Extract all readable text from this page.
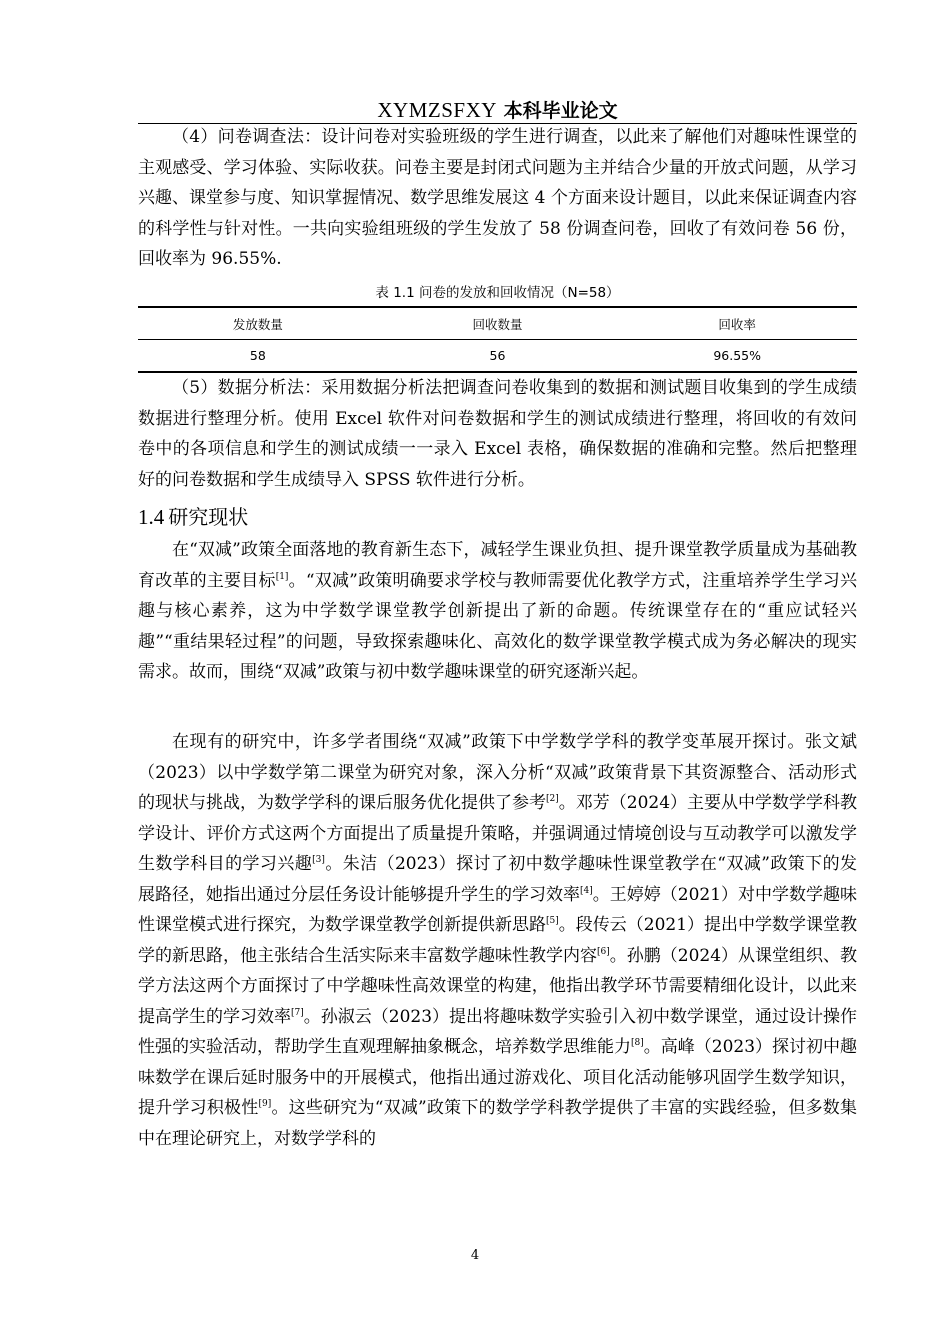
XYMZSFXY 本科毕业论文

（4）问卷调查法：设计问卷对实验班级的学生进行调查，以此来了解他们对趣味性课堂的主观感受、学习体验、实际收获。问卷主要是封闭式问题为主并结合少量的开放式问题，从学习兴趣、课堂参与度、知识掌握情况、数学思维发展这 4 个方面来设计题目，以此来保证调查内容的科学性与针对性。一共向实验组班级的学生发放了 58 份调查问卷，回收了有效问卷 56 份，回收率为 96.55%.

表 1.1 问卷的发放和回收情况（N=58）
发放数量	回收数量	回收率
58	56	96.55%

（5）数据分析法：采用数据分析法把调查问卷收集到的数据和测试题目收集到的学生成绩数据进行整理分析。使用 Excel 软件对问卷数据和学生的测试成绩进行整理，将回收的有效问卷中的各项信息和学生的测试成绩一一录入 Excel 表格，确保数据的准确和完整。然后把整理好的问卷数据和学生成绩导入 SPSS 软件进行分析。

1.4 研究现状

在“双减”政策全面落地的教育新生态下，减轻学生课业负担、提升课堂教学质量成为基础教育改革的主要目标[1]。“双减”政策明确要求学校与教师需要优化教学方式，注重培养学生学习兴趣与核心素养，这为中学数学课堂教学创新提出了新的命题。传统课堂存在的“重应试轻兴趣”“重结果轻过程”的问题，导致探索趣味化、高效化的数学课堂教学模式成为务必解决的现实需求。故而，围绕“双减”政策与初中数学趣味课堂的研究逐渐兴起。

在现有的研究中，许多学者围绕“双减”政策下中学数学学科的教学变革展开探讨。张文斌（2023）以中学数学第二课堂为研究对象，深入分析“双减”政策背景下其资源整合、活动形式的现状与挑战，为数学学科的课后服务优化提供了参考[2]。邓芳（2024）主要从中学数学学科教学设计、评价方式这两个方面提出了质量提升策略，并强调通过情境创设与互动教学可以激发学生数学科目的学习兴趣[3]。朱洁（2023）探讨了初中数学趣味性课堂教学在“双减”政策下的发展路径，她指出通过分层任务设计能够提升学生的学习效率[4]。王婷婷（2021）对中学数学趣味性课堂模式进行探究，为数学课堂教学创新提供新思路[5]。段传云（2021）提出中学数学课堂教学的新思路，他主张结合生活实际来丰富数学趣味性教学内容[6]。孙鹏（2024）从课堂组织、教学方法这两个方面探讨了中学趣味性高效课堂的构建，他指出教学环节需要精细化设计，以此来提高学生的学习效率[7]。孙淑云（2023）提出将趣味数学实验引入初中数学课堂，通过设计操作性强的实验活动，帮助学生直观理解抽象概念，培养数学思维能力[8]。高峰（2023）探讨初中趣味数学在课后延时服务中的开展模式，他指出通过游戏化、项目化活动能够巩固学生数学知识，提升学习积极性[9]。这些研究为“双减”政策下的数学学科教学提供了丰富的实践经验，但多数集中在理论研究上，对数学学科的

4
